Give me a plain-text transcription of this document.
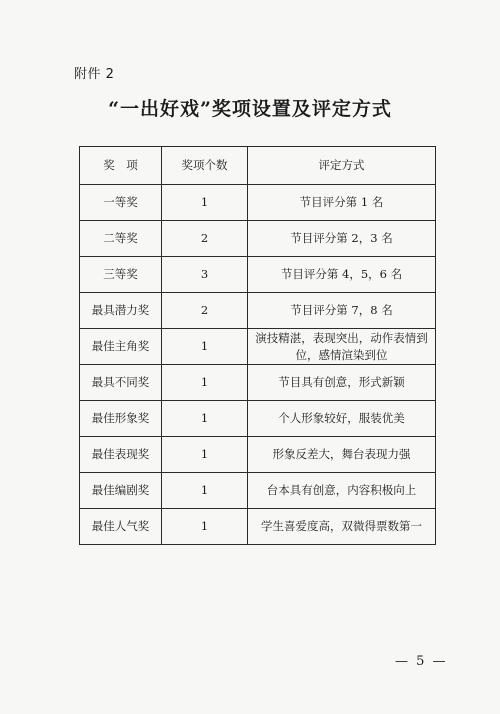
附件 2
“一出好戏”奖项设置及评定方式
奖　项	奖项个数	评定方式
一等奖	1	节目评分第 1 名
二等奖	2	节目评分第 2，3 名
三等奖	3	节目评分第 4，5，6 名
最具潜力奖	2	节目评分第 7，8 名
最佳主角奖	1	演技精湛，表现突出，动作表情到位，感情渲染到位
最具不同奖	1	节目具有创意，形式新颖
最佳形象奖	1	个人形象较好，服装优美
最佳表现奖	1	形象反差大，舞台表现力强
最佳编剧奖	1	台本具有创意，内容积极向上
最佳人气奖	1	学生喜爱度高，双微得票数第一
— 5 —
